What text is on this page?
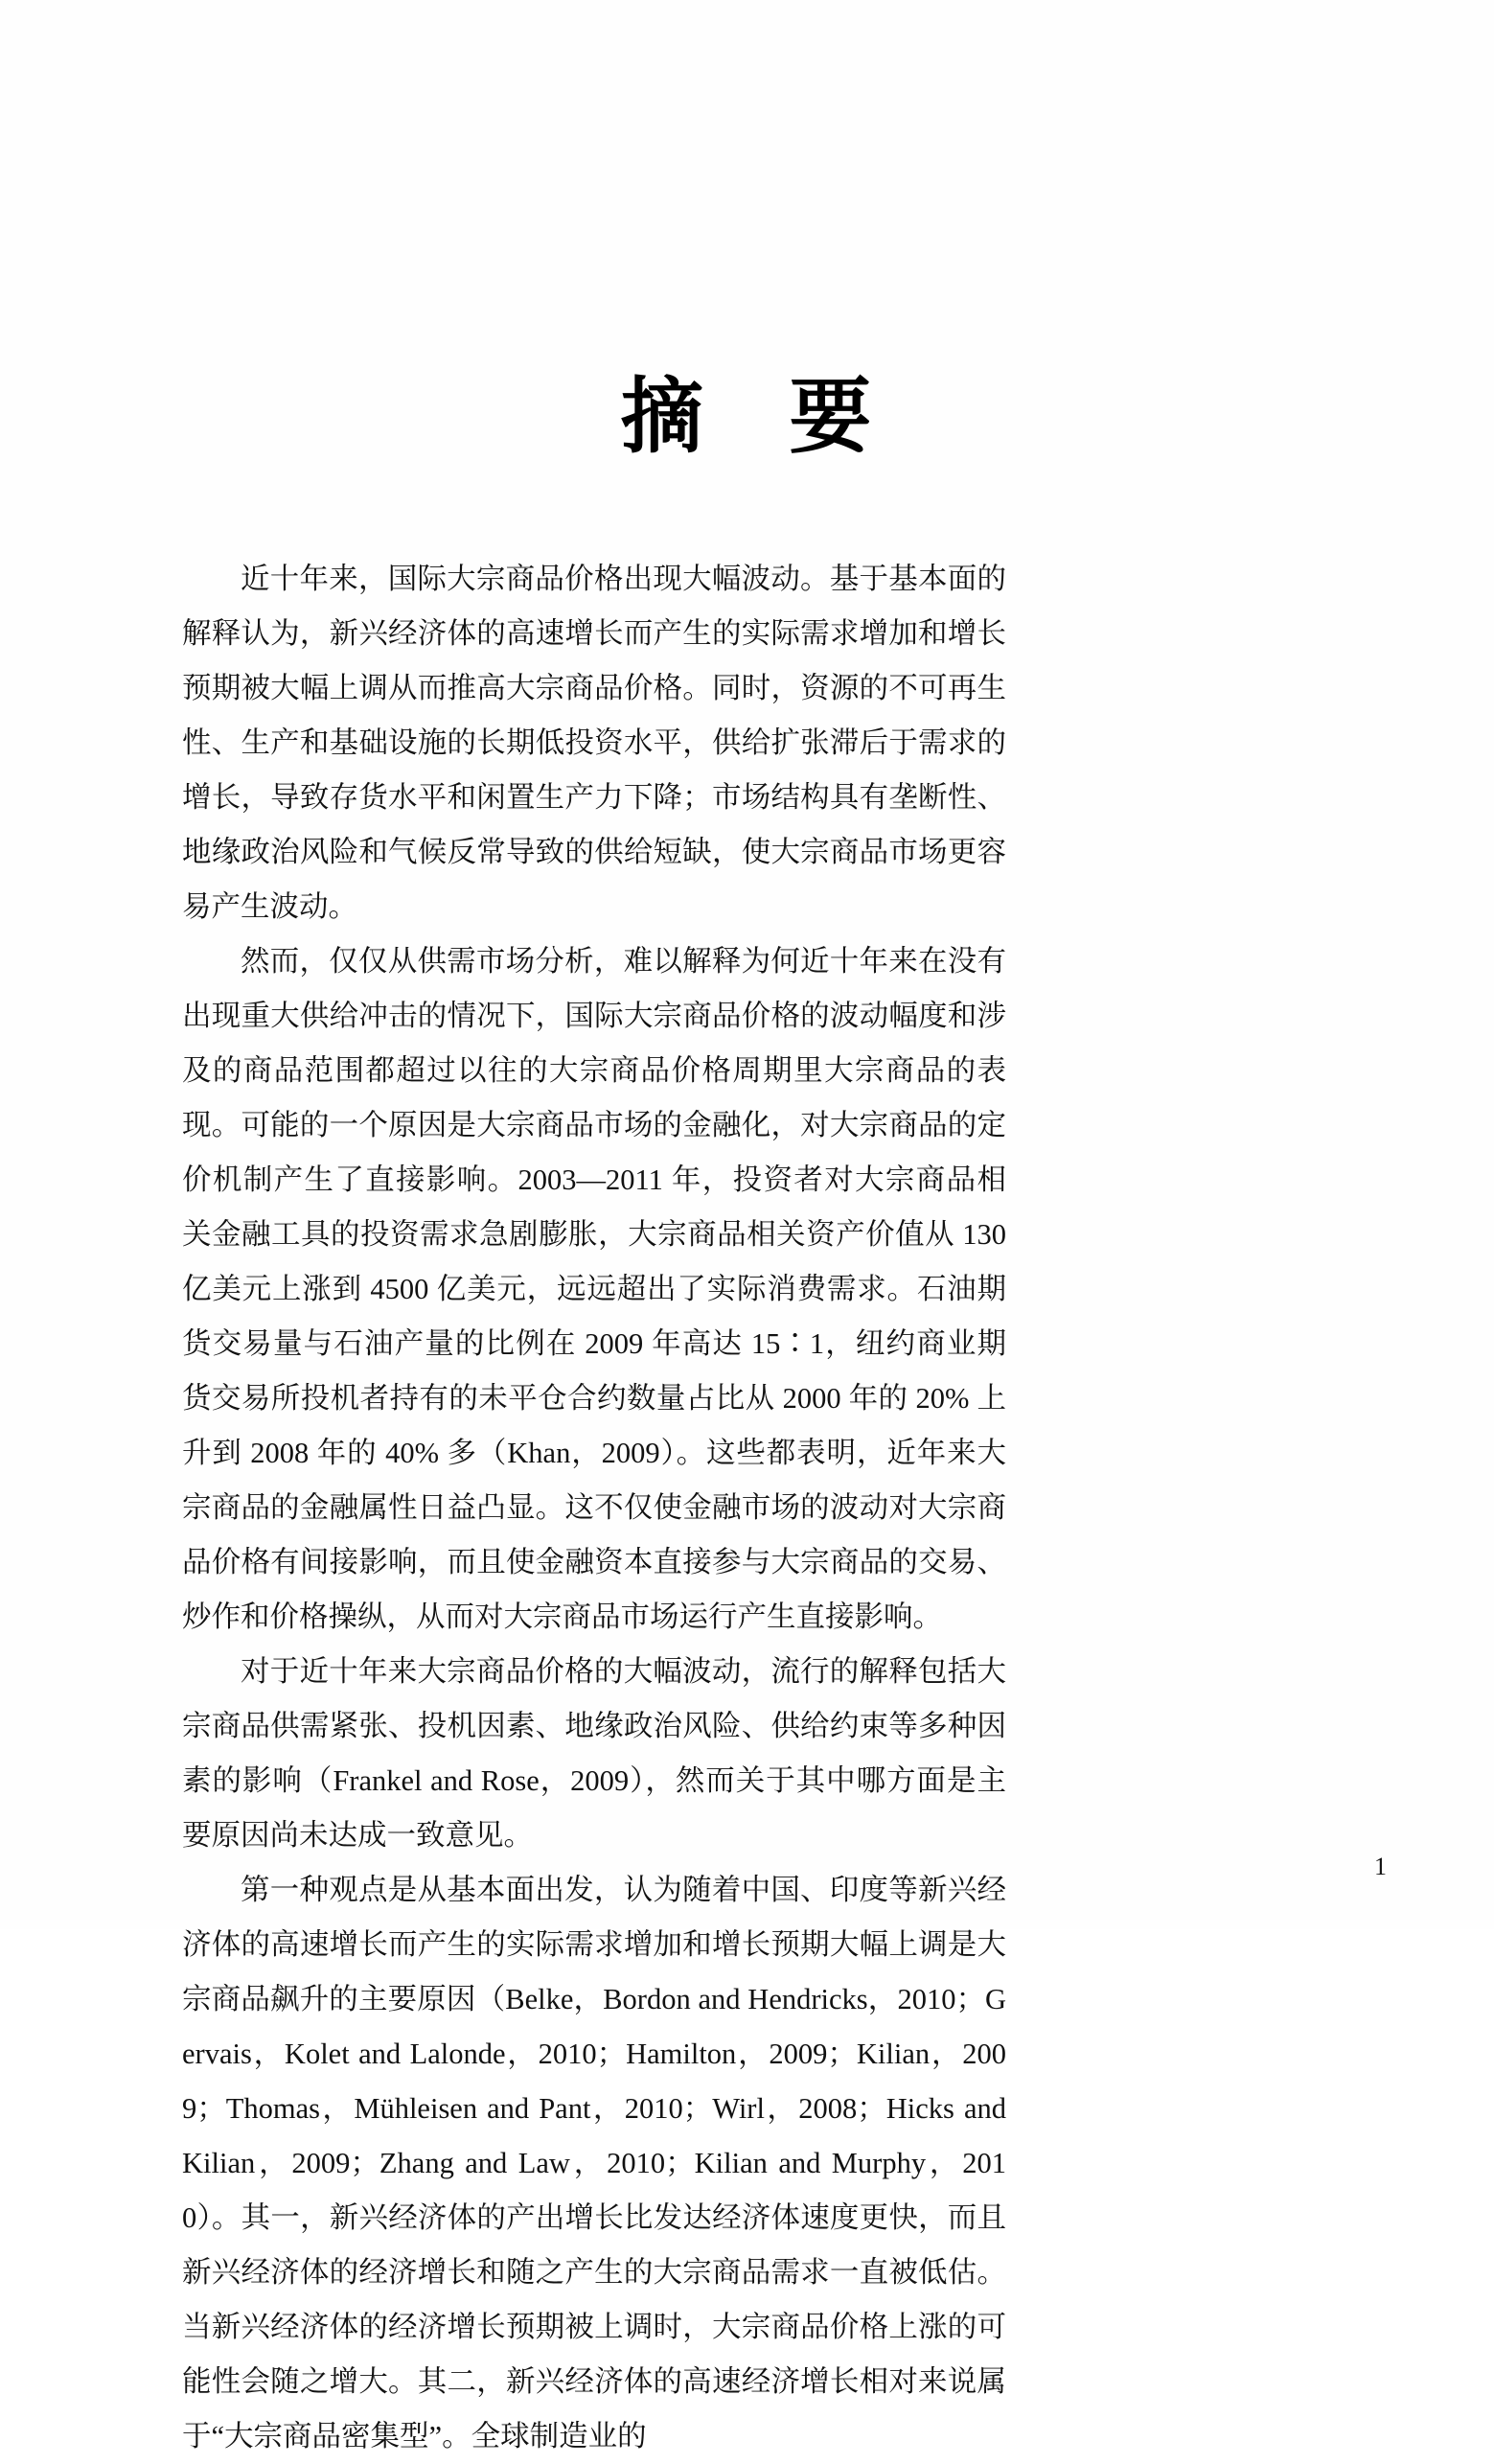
摘　要

近十年来，国际大宗商品价格出现大幅波动。基于基本面的解释认为，新兴经济体的高速增长而产生的实际需求增加和增长预期被大幅上调从而推高大宗商品价格。同时，资源的不可再生性、生产和基础设施的长期低投资水平，供给扩张滞后于需求的增长，导致存货水平和闲置生产力下降；市场结构具有垄断性、地缘政治风险和气候反常导致的供给短缺，使大宗商品市场更容易产生波动。

然而，仅仅从供需市场分析，难以解释为何近十年来在没有出现重大供给冲击的情况下，国际大宗商品价格的波动幅度和涉及的商品范围都超过以往的大宗商品价格周期里大宗商品的表现。可能的一个原因是大宗商品市场的金融化，对大宗商品的定价机制产生了直接影响。2003—2011 年，投资者对大宗商品相关金融工具的投资需求急剧膨胀，大宗商品相关资产价值从 130 亿美元上涨到 4500 亿美元，远远超出了实际消费需求。石油期货交易量与石油产量的比例在 2009 年高达 15∶1，纽约商业期货交易所投机者持有的未平仓合约数量占比从 2000 年的 20% 上升到 2008 年的 40% 多（Khan，2009）。这些都表明，近年来大宗商品的金融属性日益凸显。这不仅使金融市场的波动对大宗商品价格有间接影响，而且使金融资本直接参与大宗商品的交易、炒作和价格操纵，从而对大宗商品市场运行产生直接影响。

对于近十年来大宗商品价格的大幅波动，流行的解释包括大宗商品供需紧张、投机因素、地缘政治风险、供给约束等多种因素的影响（Frankel and Rose，2009），然而关于其中哪方面是主要原因尚未达成一致意见。

第一种观点是从基本面出发，认为随着中国、印度等新兴经济体的高速增长而产生的实际需求增加和增长预期大幅上调是大宗商品飙升的主要原因（Belke，Bordon and Hendricks，2010；Gervais，Kolet and Lalonde，2010；Hamilton，2009；Kilian，2009；Thomas，Mühleisen and Pant，2010；Wirl，2008；Hicks and Kilian，2009；Zhang and Law，2010；Kilian and Murphy，2010）。其一，新兴经济体的产出增长比发达经济体速度更快，而且新兴经济体的经济增长和随之产生的大宗商品需求一直被低估。当新兴经济体的经济增长预期被上调时，大宗商品价格上涨的可能性会随之增大。其二，新兴经济体的高速经济增长相对来说属于“大宗商品密集型”。全球制造业的

1
